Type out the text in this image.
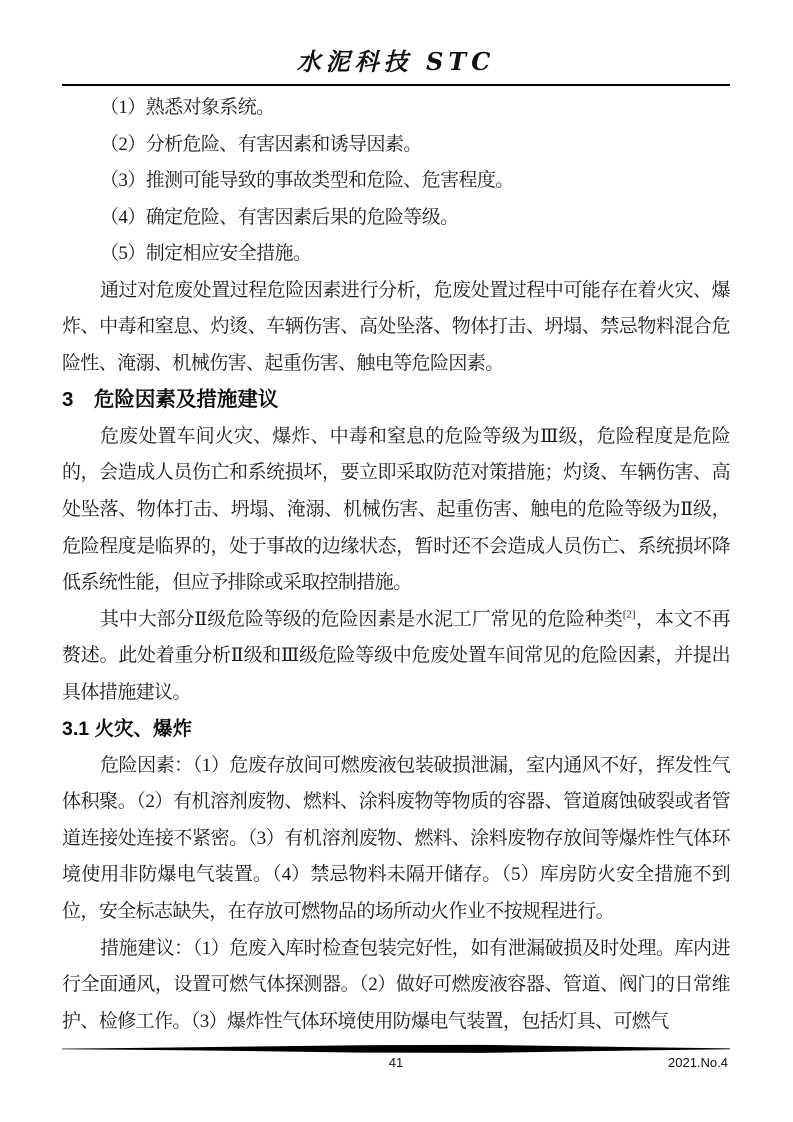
水泥科技 STC

（1）熟悉对象系统。

（2）分析危险、有害因素和诱导因素。

（3）推测可能导致的事故类型和危险、危害程度。

（4）确定危险、有害因素后果的危险等级。

（5）制定相应安全措施。

通过对危废处置过程危险因素进行分析，危废处置过程中可能存在着火灾、爆炸、中毒和窒息、灼烫、车辆伤害、高处坠落、物体打击、坍塌、禁忌物料混合危险性、淹溺、机械伤害、起重伤害、触电等危险因素。

3　危险因素及措施建议

危废处置车间火灾、爆炸、中毒和窒息的危险等级为Ⅲ级，危险程度是危险的，会造成人员伤亡和系统损坏，要立即采取防范对策措施；灼烫、车辆伤害、高处坠落、物体打击、坍塌、淹溺、机械伤害、起重伤害、触电的危险等级为Ⅱ级，危险程度是临界的，处于事故的边缘状态，暂时还不会造成人员伤亡、系统损坏降低系统性能，但应予排除或采取控制措施。

其中大部分Ⅱ级危险等级的危险因素是水泥工厂常见的危险种类[2]，本文不再赘述。此处着重分析Ⅱ级和Ⅲ级危险等级中危废处置车间常见的危险因素，并提出具体措施建议。

3.1 火灾、爆炸

危险因素：（1）危废存放间可燃废液包装破损泄漏，室内通风不好，挥发性气体积聚。（2）有机溶剂废物、燃料、涂料废物等物质的容器、管道腐蚀破裂或者管道连接处连接不紧密。（3）有机溶剂废物、燃料、涂料废物存放间等爆炸性气体环境使用非防爆电气装置。（4）禁忌物料未隔开储存。（5）库房防火安全措施不到位，安全标志缺失，在存放可燃物品的场所动火作业不按规程进行。

措施建议：（1）危废入库时检查包装完好性，如有泄漏破损及时处理。库内进行全面通风，设置可燃气体探测器。（2）做好可燃废液容器、管道、阀门的日常维护、检修工作。（3）爆炸性气体环境使用防爆电气装置，包括灯具、可燃气

41	2021.No.4
